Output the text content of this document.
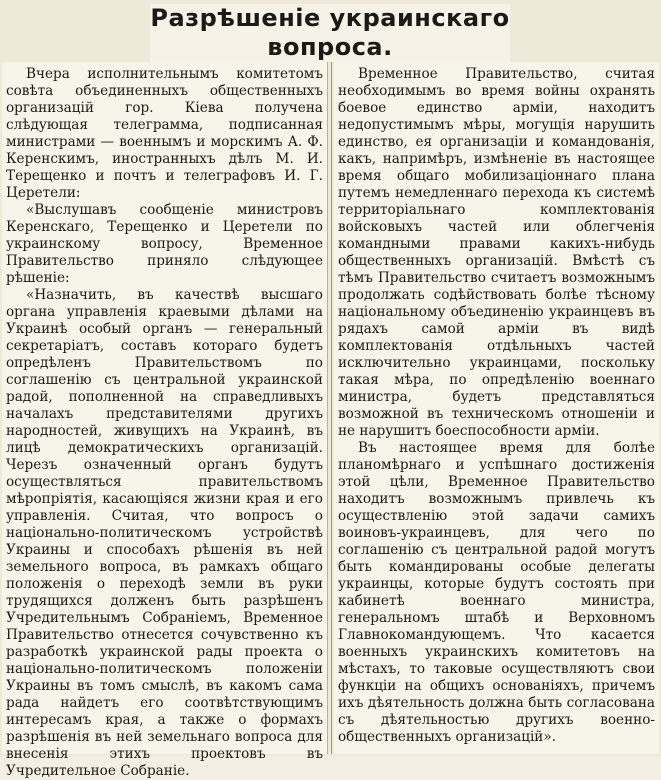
Разрѣшеніе украинскаго
вопроса.

Вчера исполнительнымъ комитетомъ совѣта объединенныхъ общественныхъ организацій гор. Кіева получена слѣдующая телеграмма, подписанная министрами — военнымъ и морскимъ А. Ф. Керенскимъ, иностранныхъ дѣлъ М. И. Терещенко и почтъ и телеграфовъ И. Г. Церетели:

«Выслушавъ сообщеніе министровъ Керенскаго, Терещенко и Церетели по украинскому вопросу, Временное Правительство приняло слѣдующее рѣшеніе:

«Назначить, въ качествѣ высшаго органа управленія краевыми дѣлами на Украинѣ особый органъ — генеральный секретаріатъ, составъ котораго будетъ опредѣленъ Правительствомъ по соглашенію съ центральной украинской радой, пополненной на справедливыхъ началахъ представителями другихъ народностей, живущихъ на Украинѣ, въ лицѣ демократическихъ организацій. Черезъ означенный органъ будутъ осуществляться правительствомъ мѣропріятія, касающіяся жизни края и его управленія. Считая, что вопросъ о національно-политическомъ устройствѣ Украины и способахъ рѣшенія въ ней земельного вопроса, въ рамкахъ общаго положенія о переходѣ земли въ руки трудящихся долженъ быть разрѣшенъ Учредительнымъ Собраніемъ, Временное Правительство отнесется сочувственно къ разработкѣ украинской рады проекта о національно-политическомъ положеніи Украины въ томъ смыслѣ, въ какомъ сама рада найдетъ его соотвѣтствующимъ интересамъ края, а также о формахъ разрѣшенія въ ней земельнаго вопроса для внесенія этихъ проектовъ въ Учредительное Собраніе.

Временное Правительство, считая необходимымъ во время войны охранять боевое единство арміи, находитъ недопустимымъ мѣры, могущія нарушить единство, ея организаціи и командованія, какъ, напримѣръ, измѣненіе въ настоящее время общаго мобилизаціоннаго плана путемъ немедленнаго перехода къ системѣ территоріальнаго комплектованія войсковыхъ частей или облегченія командными правами какихъ-нибудь общественныхъ организацій. Вмѣстѣ съ тѣмъ Правительство считаетъ возможнымъ продолжать содѣйствовать болѣе тѣсному національному объединенію украинцевъ въ рядахъ самой арміи въ видѣ комплектованія отдѣльныхъ частей исключительно украинцами, поскольку такая мѣра, по опредѣленію военнаго министра, будетъ представляться возможной въ техническомъ отношеніи и не нарушитъ боеспособности арміи.

Въ настоящее время для болѣе планомѣрнаго и успѣшнаго достиженія этой цѣли, Временное Правительство находитъ возможнымъ привлечь къ осуществленію этой задачи самихъ воиновъ-украинцевъ, для чего по соглашенію съ центральной радой могутъ быть командированы особые делегаты украинцы, которые будутъ состоять при кабинетѣ военнаго министра, генеральномъ штабѣ и Верховномъ Главнокомандующемъ. Что касается военныхъ украинскихъ комитетовъ на мѣстахъ, то таковые осуществляютъ свои функціи на общихъ основаніяхъ, причемъ ихъ дѣятельность должна быть согласована съ дѣятельностью другихъ военно-общественныхъ организацій».
